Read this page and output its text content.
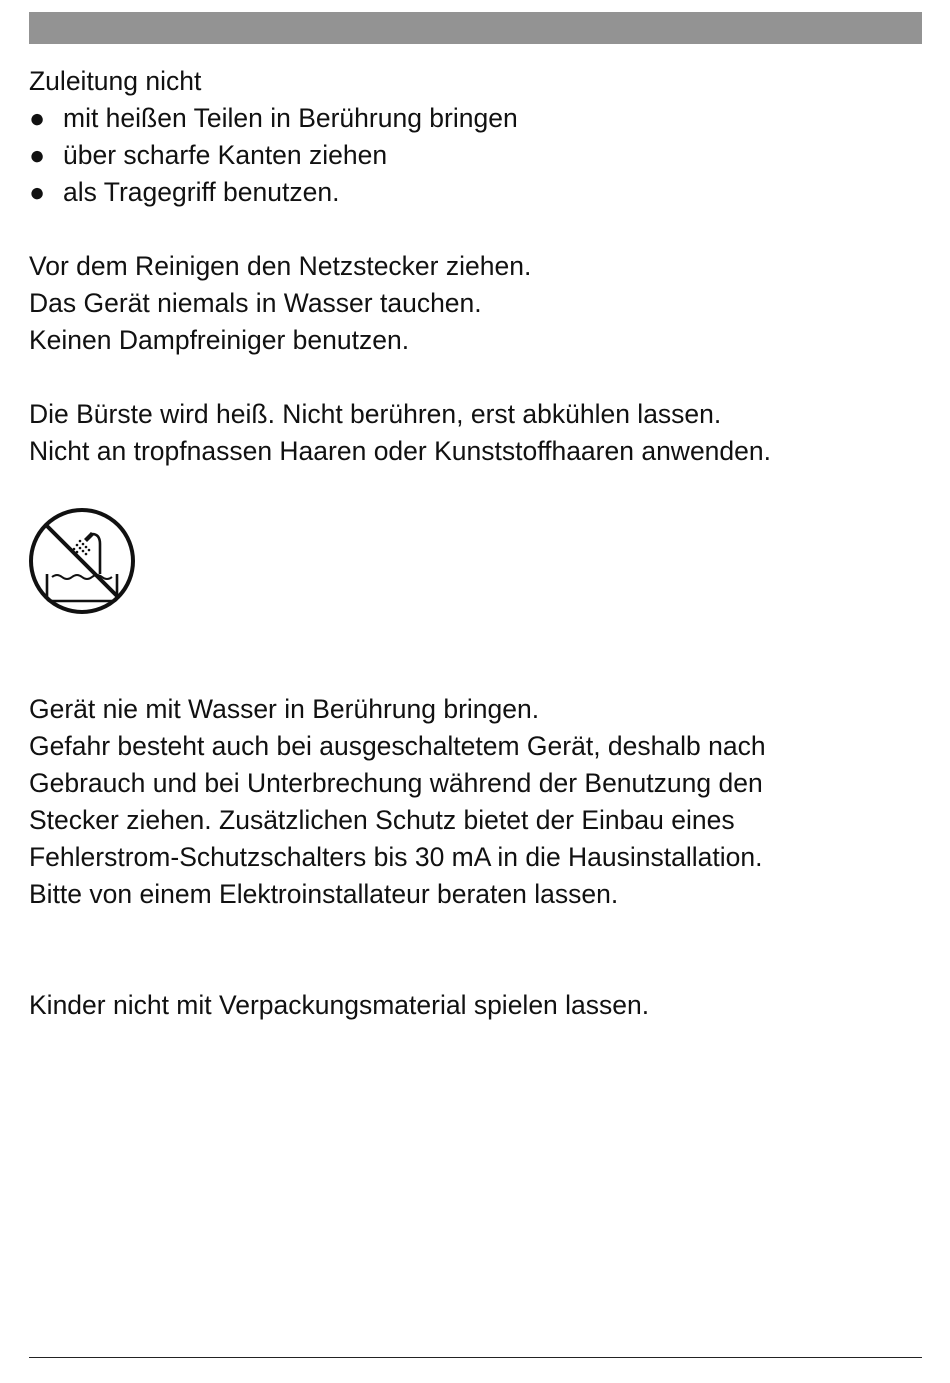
Zuleitung nicht
● mit heißen Teilen in Berührung bringen
● über scharfe Kanten ziehen
● als Tragegriff benutzen.
Vor dem Reinigen den Netzstecker ziehen.
Das Gerät niemals in Wasser tauchen.
Keinen Dampfreiniger benutzen.
Die Bürste wird heiß. Nicht berühren, erst abkühlen lassen.
Nicht an tropfnassen Haaren oder Kunststoffhaaren anwenden.
Gerät nie mit Wasser in Berührung bringen.
Gefahr besteht auch bei ausgeschaltetem Gerät, deshalb nach
Gebrauch und bei Unterbrechung während der Benutzung den
Stecker ziehen. Zusätzlichen Schutz bietet der Einbau eines
Fehlerstrom-Schutzschalters bis 30 mA in die Hausinstallation.
Bitte von einem Elektroinstallateur beraten lassen.
Kinder nicht mit Verpackungsmaterial spielen lassen.
